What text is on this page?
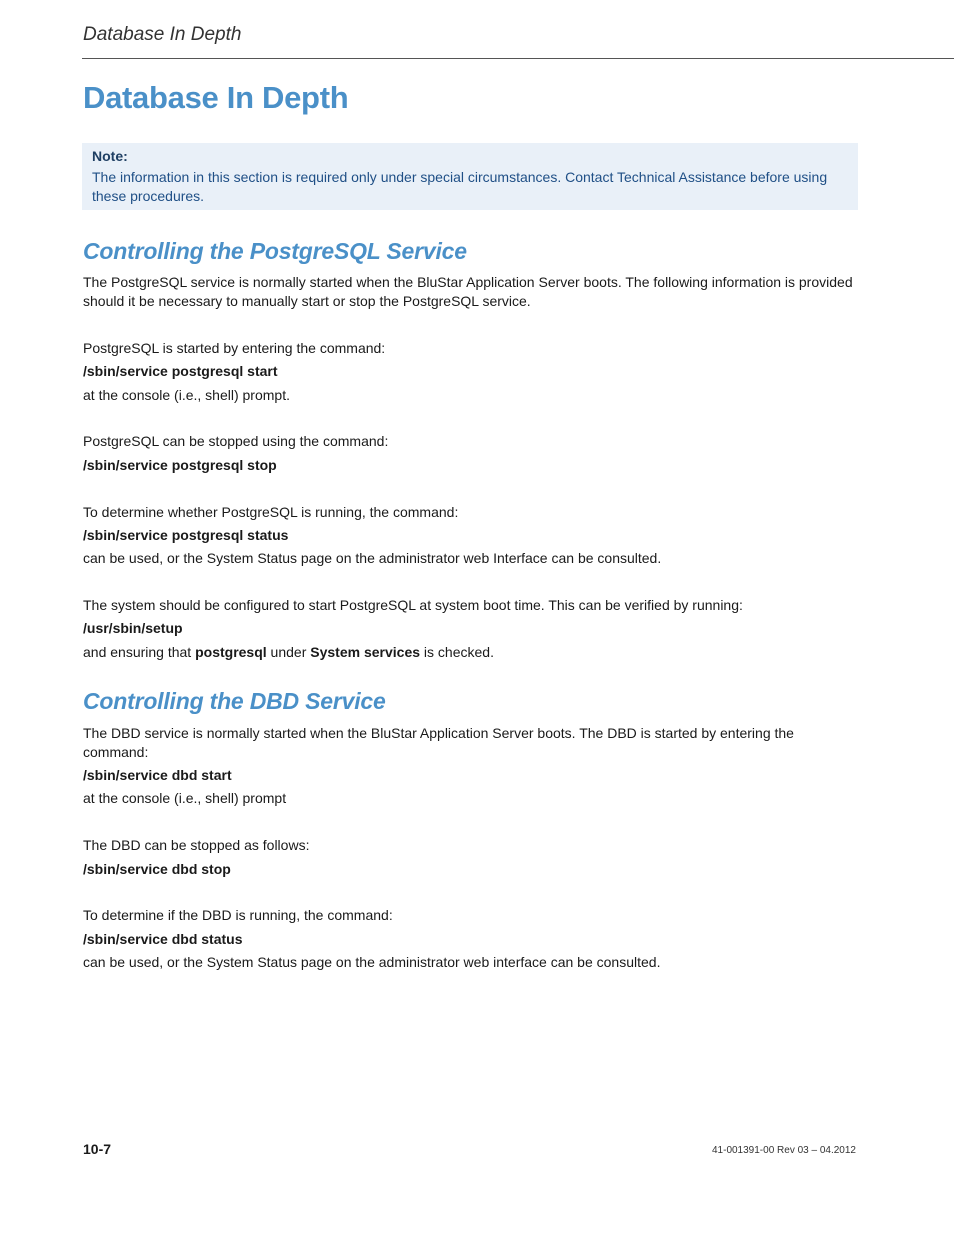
Database In Depth
Database In Depth
Note:
The information in this section is required only under special circumstances. Contact Technical Assistance before using these procedures.
Controlling the PostgreSQL Service

The PostgreSQL service is normally started when the BluStar Application Server boots. The following information is provided should it be necessary to manually start or stop the PostgreSQL service.

PostgreSQL is started by entering the command:

/sbin/service postgresql start

at the console (i.e., shell) prompt.

PostgreSQL can be stopped using the command:

/sbin/service postgresql stop

To determine whether PostgreSQL is running, the command:

/sbin/service postgresql status

can be used, or the System Status page on the administrator web Interface can be consulted.

The system should be configured to start PostgreSQL at system boot time. This can be verified by running:

/usr/sbin/setup

and ensuring that postgresql under System services is checked.

Controlling the DBD Service

The DBD service is normally started when the BluStar Application Server boots. The DBD is started by entering the command:

/sbin/service dbd start

at the console (i.e., shell) prompt

The DBD can be stopped as follows:

/sbin/service dbd stop

To determine if the DBD is running, the command:

/sbin/service dbd status

can be used, or the System Status page on the administrator web interface can be consulted.

10-7	41-001391-00 Rev 03 – 04.2012
